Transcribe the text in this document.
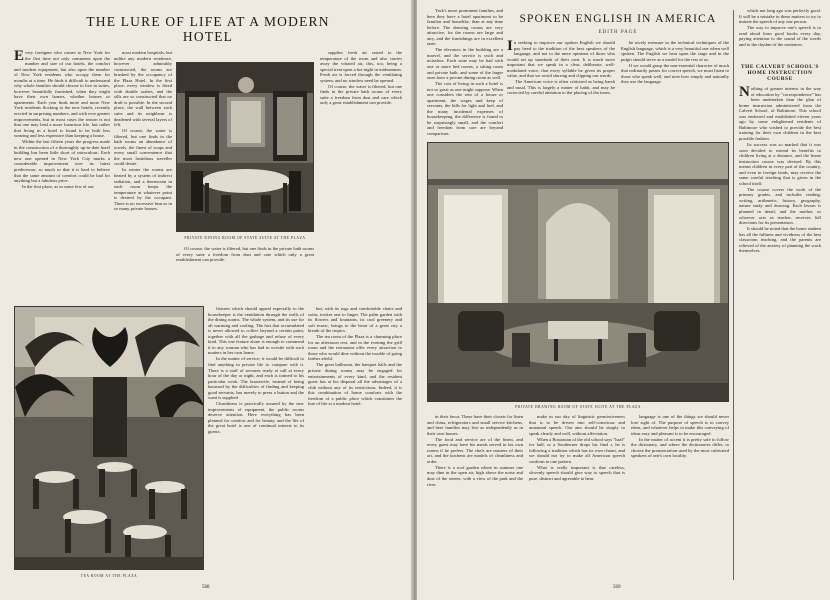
THE LURE OF LIFE AT A MODERN
HOTEL

Every foreigner who comes to New York for the first time not only comments upon the number and size of our hotels, the comfort and modern equipment, but also upon the number of New York residents who occupy them for months at a time. He finds it difficult to understand why whole families should choose to live in suites, however beautifully furnished, when they might have their own homes, whether houses or apartments. Each year finds more and more New York residents flocking to the new hotels, recently erected in surprising numbers, and with ever greater improvements, but in most cases the reason is not that one may lead a more luxurious life, but rather that living in a hotel is found to be both less wearing and less expensive than keeping a house.

Within the last fifteen years the progress made in the construction of a thoroughly up-to-date hotel building has been little short of miraculous. Each new one opened in New York City marks a considerable improvement over its latest predecessor, so much so that it is hard to believe that the same amount of comfort could be had for anything but a fabulous price.

In the first place, as in some few of our

most modern hospitals, but unlike any modern residence, however admirably constructed, the rooms are brushed by the occupancy of the Plaza Hotel. In the first place, every window is fitted with double sashes, and the sills are so constructed that no draft is possible. In the second place, the wall between each suite and its neighbour is deadened with several layers of felt.

Of course, the water is filtered, but one finds in the bath rooms an abundance of towels, the finest of soaps and every small convenience that the most fastidious traveller could desire.

In winter the rooms are heated by a system of indirect radiation, and a thermostat in each room keeps the temperature at whatever point is desired by the occupant. There is no excessive heat as in so many private houses.

supplies fresh air raised to the temperature of the room and also carries away the vitiated air, this, too, being a special treat upon a hot night in midsummer. Fresh air is forced through the ventilating system, and no window need be opened.

Of course, the water is filtered, but one finds in the private bath rooms of every suite a freedom from dust and care which only a great establishment can provide.

PRIVATE DINING ROOM OF STATE SUITE AT THE PLAZA

Of course, the water is filtered, but one finds in the private bath rooms of every suite a freedom from dust and care which only a great establishment can provide.

TEA ROOM AT THE PLAZA

fixtures which should appeal especially to the housekeeper is the ventilation through the walls of the dining rooms. The whole system, and its use for all warming and cooling. The fact that accumulated is never allowed to collect beyond a certain point, together with all the garbage and refuse of every kind. This one feature alone is enough to commend it to any woman who has had to wrestle with such matters in her own home.

In the matter of service, it would be difficult to find anything in private life to compare with it. There is a staff of servants ready at call at every hour of the day or night, and each is trained to his particular work. The housewife, instead of being harassed by the difficulties of finding and keeping good servants, has merely to press a button and the want is supplied.

Cleanliness is practically assured by the new improvements of equipment, the public rooms deserve attention. Here everything has been planned for comfort and for beauty, and the life of the great hotel is one of continual interest to its guests.

but, with its rugs and comfortable chairs and sofas, invites one to linger. The palm garden with its flowers and fountains, its cool greenery and soft music, brings to the heart of a great city a breath of the tropics.

The tea room of the Plaza is a charming place for an afternoon rest, and in the evening the grill room and the restaurant offer every attraction to those who would dine without the trouble of going farther afield.

The great ballroom, the banquet halls and the private dining rooms may be engaged for entertainments of every kind, and the resident guest has at his disposal all the advantages of a club without any of its restrictions. Indeed, it is this combination of home comforts with the freedom of a public place which constitutes the lure of life at a modern hotel.

568

York's more prominent families, and here they have a hotel apartment to be familiar and homelike, than at any time before. The drawing rooms are very attractive, for the rooms are large and airy, and the furnishings are in excellent taste.

The elevators in the building are a marvel, and the service is swift and noiseless. Each suite may be had with one or more bed rooms, a sitting room and private bath, and some of the larger ones have a private dining room as well.

The cost of living in such a hotel is not so great as one might suppose. When one considers the rent of a house or apartment, the wages and keep of servants, the bills for light and fuel, and the many incidental expenses of housekeeping, the difference is found to be surprisingly small, and the comfort and freedom from care are beyond comparison.

SPOKEN ENGLISH IN AMERICA
EDITH PAGE

In seeking to improve our spoken English we should pay heed to the tradition of the best speakers of the language, and not to the mere opinions of those who would set up standards of their own. It is much more important that we speak in a clear, deliberate, well-modulated voice, that every syllable be given its proper value, and that we avoid slurring and clipping our words.

The American voice is often criticised as being harsh and nasal. This is largely a matter of habit, and may be corrected by careful attention to the placing of the tones.

be nicely measure in the technical techniques of the English language, which is a very beautiful one when well spoken. The English we hear upon the stage and in the pulpit should serve as a model for the rest of us.

If we would grasp the non-essential character of much that ordinarily passes for correct speech, we must listen to those who speak well, and note how simply and naturally they use the language.

PRIVATE DRAWING ROOM OF STATE SUITE AT THE PLAZA

in their favor. These have their closets for linen and china, refrigerators and small service kitchens, and here families may live as independently as in their own homes.

The food and service are of the finest, and every guest may have his meals served in his own rooms if he prefers. The chefs are masters of their art, and the kitchens are models of cleanliness and order.

There is a roof garden where in summer one may dine in the open air, high above the noise and dust of the streets, with a view of the park and the river.

make in our day of linguistic permissiveness that is to be driven into self-conscious and unnatural speech. Our aim should be simply to speak clearly and well, without affectation.

When a Bostonian of the old school says "haaf" for half, or a Southerner drops his final r, he is following a tradition which has its own charm, and we should not try to make all American speech conform to one pattern.

What is really important is that careless, slovenly speech should give way to speech that is pure, distinct and agreeable to hear.

language is one of the things we should never lose sight of. The purpose of speech is to convey ideas, and whatever helps to make this conveying of ideas easy and pleasant is to be encouraged.

In the matter of accent it is pretty safe to follow the dictionary, and where the dictionaries differ, to choose the pronunciation used by the most cultivated speakers of one's own locality.

which not long ago was perfectly good. It will be a mistake in these matters to try to imitate the speech of any one person.

The way to improve one's speech is to read aloud from good books every day, paying attention to the sound of the words and to the rhythm of the sentences.

THE CALVERT SCHOOL'S HOME INSTRUCTION COURSE

Nothing of greater interest in the way of education by "correspondence" has been undertaken than the plan of home instruction administered from the Calvert School, of Baltimore. This school was endowed and established eleven years ago by some enlightened residents of Baltimore who wished to provide the best training for their own children in the best possible fashion.

Its success was so marked that it was soon decided to extend its benefits to children living at a distance, and the home instruction course was devised. By this means children in every part of the country, and even in foreign lands, may receive the same careful teaching that is given in the school itself.

The course covers the work of the primary grades, and includes reading, writing, arithmetic, history, geography, nature study and drawing. Each lesson is planned in detail, and the mother, or whoever acts as teacher, receives full directions for its presentation.

It should be noted that the home student has all the fullness and vividness of the best classroom teaching, and the parents are relieved of the anxiety of planning the work themselves.

569
